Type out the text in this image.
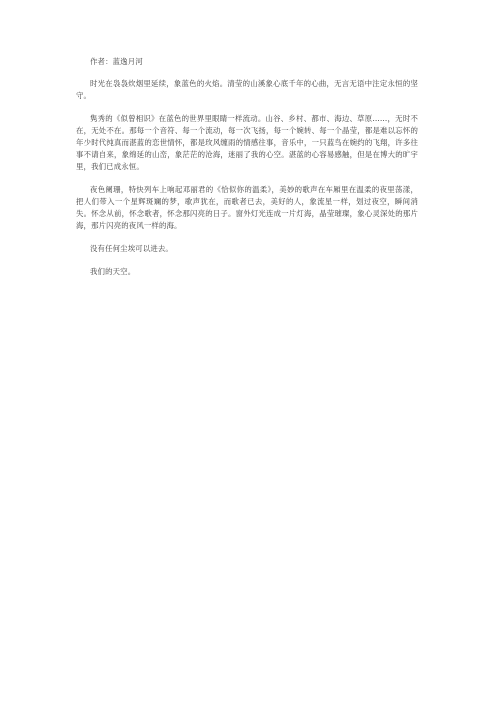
作者：蓝逸月河

时光在袅袅炊烟里延续，象蓝色的火焰。清莹的山溪象心底千年的心曲，无言无语中注定永恒的坚守。

隽秀的《似曾相识》在蓝色的世界里眼睛一样流动。山谷、乡村、都市、海边、草原……，无时不在，无处不在。那每一个音符、每一个流动，每一次飞扬，每一个婉转、每一个晶莹，都是难以忘怀的年少时代纯真而湛蓝的恋世情怀，都是玫风缠雨的情感往事，音乐中，一只蓝鸟在婉约的飞翔，许多往事不请自来，象绵延的山峦，象茫茫的沧海，迷丽了我的心空。湛蓝的心容易感触，但是在博大的旷宇里，我们已成永恒。

夜色阑珊，特快列车上响起邓丽君的《恰似你的温柔》，美妙的歌声在车厢里在温柔的夜里荡漾，把人们带入一个星辉斑斓的梦，歌声犹在，而歌者已去，美好的人，象流星一样，划过夜空，瞬间消失。怀念从前，怀念歌者，怀念那闪亮的日子。窗外灯光连成一片灯海，晶莹璀璨，象心灵深处的那片海，那片闪亮的夜风一样的海。

没有任何尘埃可以进去。

我们的天空。
